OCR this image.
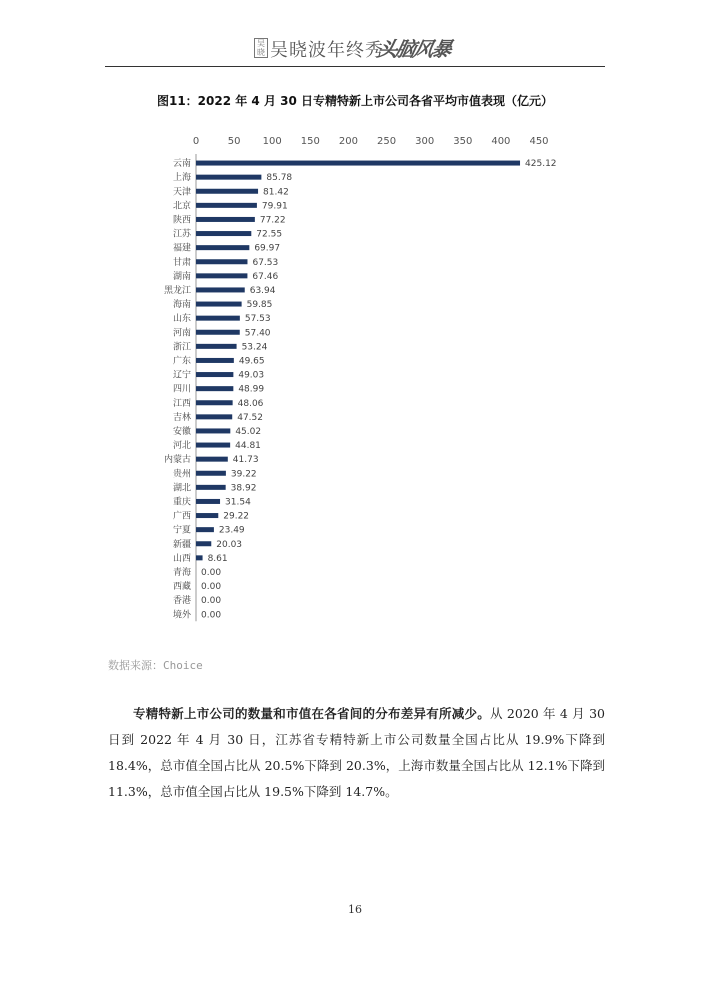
吴晓 吴晓波年终秀
头脑风暴
图11：2022 年 4 月 30 日专精特新上市公司各省平均市值表现（亿元）
0	50 100 150 200 250 300 350 400 450
云南	425.12
上海	85.78
天津	81.42
北京	79.91
陕西	77.22
江苏	72.55
福建	69.97
甘肃	67.53
湖南	67.46
黑龙江	63.94
海南	59.85
山东	57.53
河南	57.40
浙江	53.24
广东	49.65
辽宁	49.03
四川	48.99
江西	48.06
吉林	47.52
安徽	45.02
河北	44.81
内蒙古	41.73
贵州	39.22
湖北	38.92
重庆	31.54
广西	29.22
宁夏	23.49
新疆	20.03
山西 8.61
青海 0.00
西藏 0.00
香港 0.00
境外 0.00
数据来源：Choice

专精特新上市公司的数量和市值在各省间的分布差异有所减少。从 2020 年 4 月 30 日到 2022 年 4 月 30 日，江苏省专精特新上市公司数量全国占比从 19.9%下降到 18.4%，总市值全国占比从 20.5%下降到 20.3%，上海市数量全国占比从 12.1%下降到 11.3%，总市值全国占比从 19.5%下降到 14.7%。

16
